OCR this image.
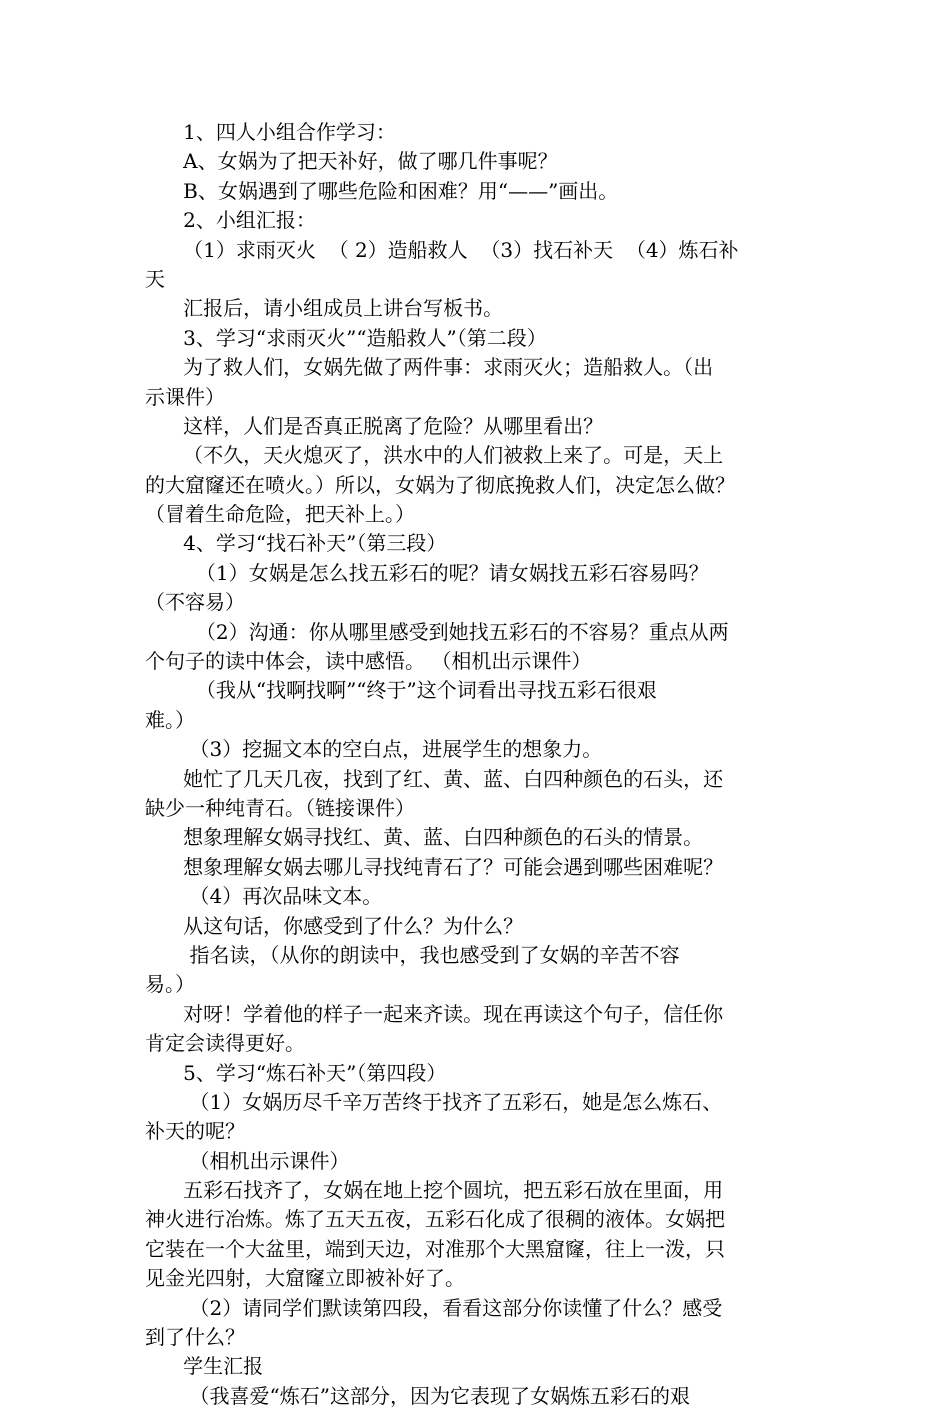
1、四人小组合作学习：
A、女娲为了把天补好，做了哪几件事呢？
B、女娲遇到了哪些危险和困难？用“——”画出。
2、小组汇报：
（1）求雨灭火  （ 2）造船救人  （3）找石补天  （4）炼石补
天
汇报后，请小组成员上讲台写板书。
3、学习“求雨灭火”“造船救人”（第二段）
为了救人们，女娲先做了两件事：求雨灭火；造船救人。（出
示课件）
这样，人们是否真正脱离了危险？从哪里看出？
（不久，天火熄灭了，洪水中的人们被救上来了。可是，天上
的大窟窿还在喷火。）所以，女娲为了彻底挽救人们，决定怎么做？
（冒着生命危险，把天补上。）
4、学习“找石补天”（第三段）
（1）女娲是怎么找五彩石的呢？请女娲找五彩石容易吗？
（不容易）
（2）沟通：你从哪里感受到她找五彩石的不容易？重点从两
个句子的读中体会，读中感悟。 （相机出示课件）
（我从“找啊找啊”“终于”这个词看出寻找五彩石很艰
难。）
（3）挖掘文本的空白点，进展学生的想象力。
她忙了几天几夜，找到了红、黄、蓝、白四种颜色的石头，还
缺少一种纯青石。（链接课件）
想象理解女娲寻找红、黄、蓝、白四种颜色的石头的情景。
想象理解女娲去哪儿寻找纯青石了？可能会遇到哪些困难呢？
（4）再次品味文本。
从这句话，你感受到了什么？为什么？
指名读，（从你的朗读中，我也感受到了女娲的辛苦不容
易。）
对呀！学着他的样子一起来齐读。现在再读这个句子，信任你
肯定会读得更好。
5、学习“炼石补天”（第四段）
（1）女娲历尽千辛万苦终于找齐了五彩石，她是怎么炼石、
补天的呢？
（相机出示课件）
五彩石找齐了，女娲在地上挖个圆坑，把五彩石放在里面，用
神火进行冶炼。炼了五天五夜，五彩石化成了很稠的液体。女娲把
它装在一个大盆里，端到天边，对准那个大黑窟窿，往上一泼，只
见金光四射，大窟窿立即被补好了。
（2）请同学们默读第四段，看看这部分你读懂了什么？感受
到了什么？
学生汇报
（我喜爱“炼石”这部分，因为它表现了女娲炼五彩石的艰
